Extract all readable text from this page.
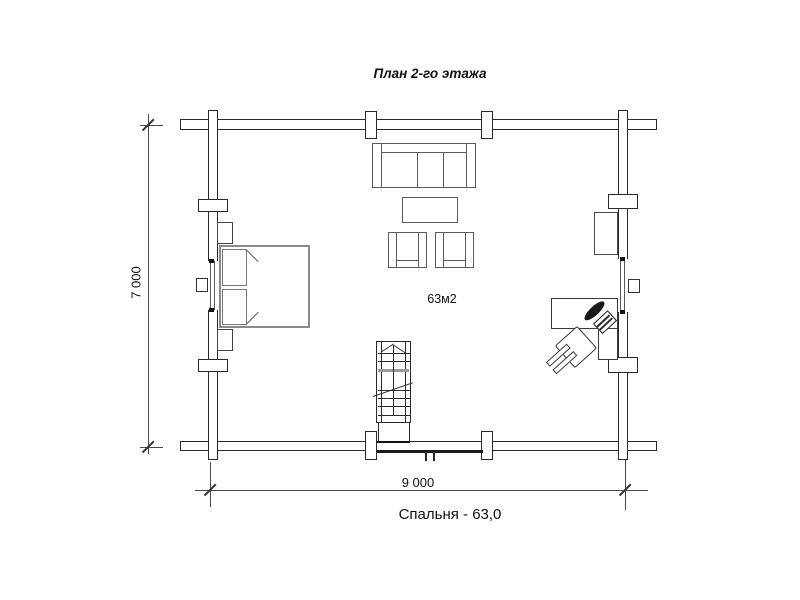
План 2-го этажа
63м2
7 000
9 000
Спальня - 63,0
